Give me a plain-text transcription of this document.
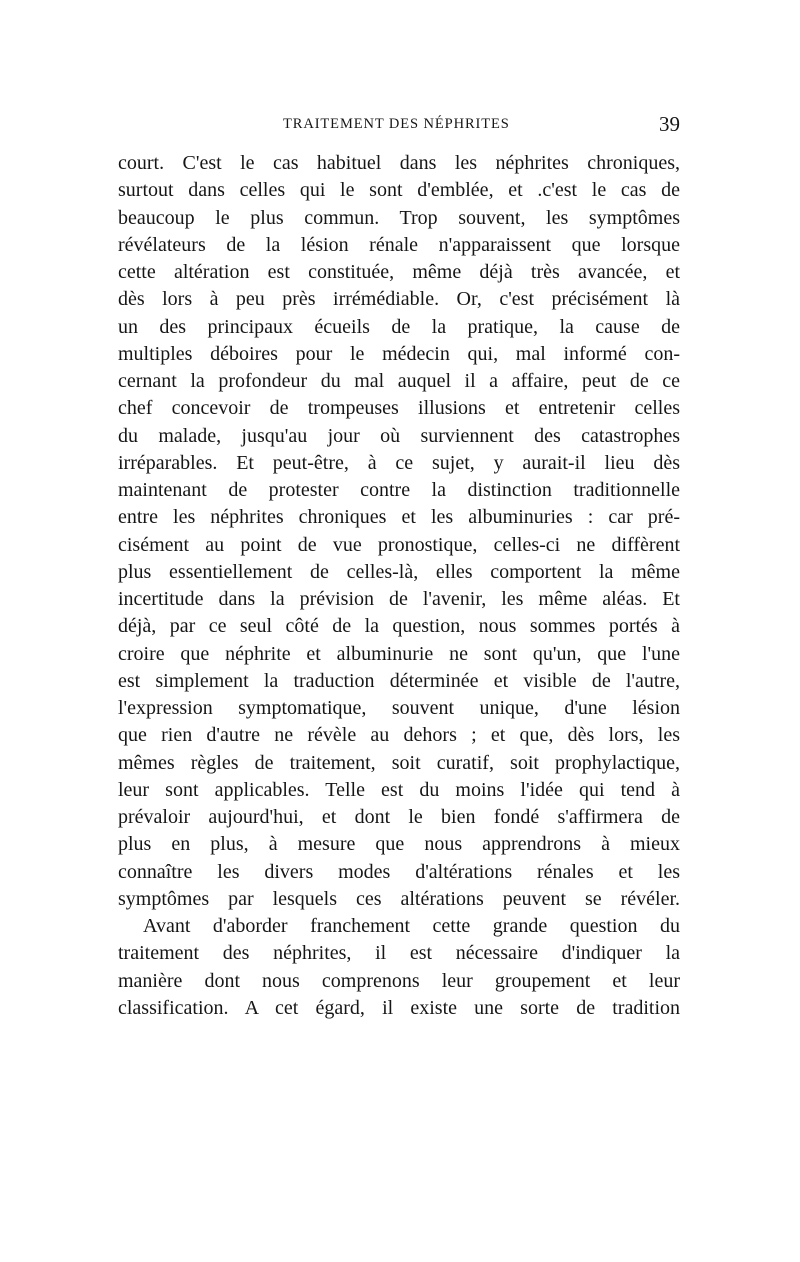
TRAITEMENT DES NÉPHRITES	39
court. C'est le cas habituel dans les néphrites chroniques,
surtout dans celles qui le sont d'emblée, et .c'est le cas de
beaucoup le plus commun. Trop souvent, les symptômes
révélateurs de la lésion rénale n'apparaissent que lorsque
cette altération est constituée, même déjà très avancée, et
dès lors à peu près irrémédiable. Or, c'est précisément là
un des principaux écueils de la pratique, la cause de
multiples déboires pour le médecin qui, mal informé con-
cernant la profondeur du mal auquel il a affaire, peut de ce
chef concevoir de trompeuses illusions et entretenir celles
du malade, jusqu'au jour où surviennent des catastrophes
irréparables. Et peut-être, à ce sujet, y aurait-il lieu dès
maintenant de protester contre la distinction traditionnelle
entre les néphrites chroniques et les albuminuries : car pré-
cisément au point de vue pronostique, celles-ci ne diffèrent
plus essentiellement de celles-là, elles comportent la même
incertitude dans la prévision de l'avenir, les même aléas. Et
déjà, par ce seul côté de la question, nous sommes portés à
croire que néphrite et albuminurie ne sont qu'un, que l'une
est simplement la traduction déterminée et visible de l'autre,
l'expression symptomatique, souvent unique, d'une lésion
que rien d'autre ne révèle au dehors ; et que, dès lors, les
mêmes règles de traitement, soit curatif, soit prophylactique,
leur sont applicables. Telle est du moins l'idée qui tend à
prévaloir aujourd'hui, et dont le bien fondé s'affirmera de
plus en plus, à mesure que nous apprendrons à mieux
connaître les divers modes d'altérations rénales et les
symptômes par lesquels ces altérations peuvent se révéler.
Avant d'aborder franchement cette grande question du
traitement des néphrites, il est nécessaire d'indiquer la
manière dont nous comprenons leur groupement et leur
classification. A cet égard, il existe une sorte de tradition
